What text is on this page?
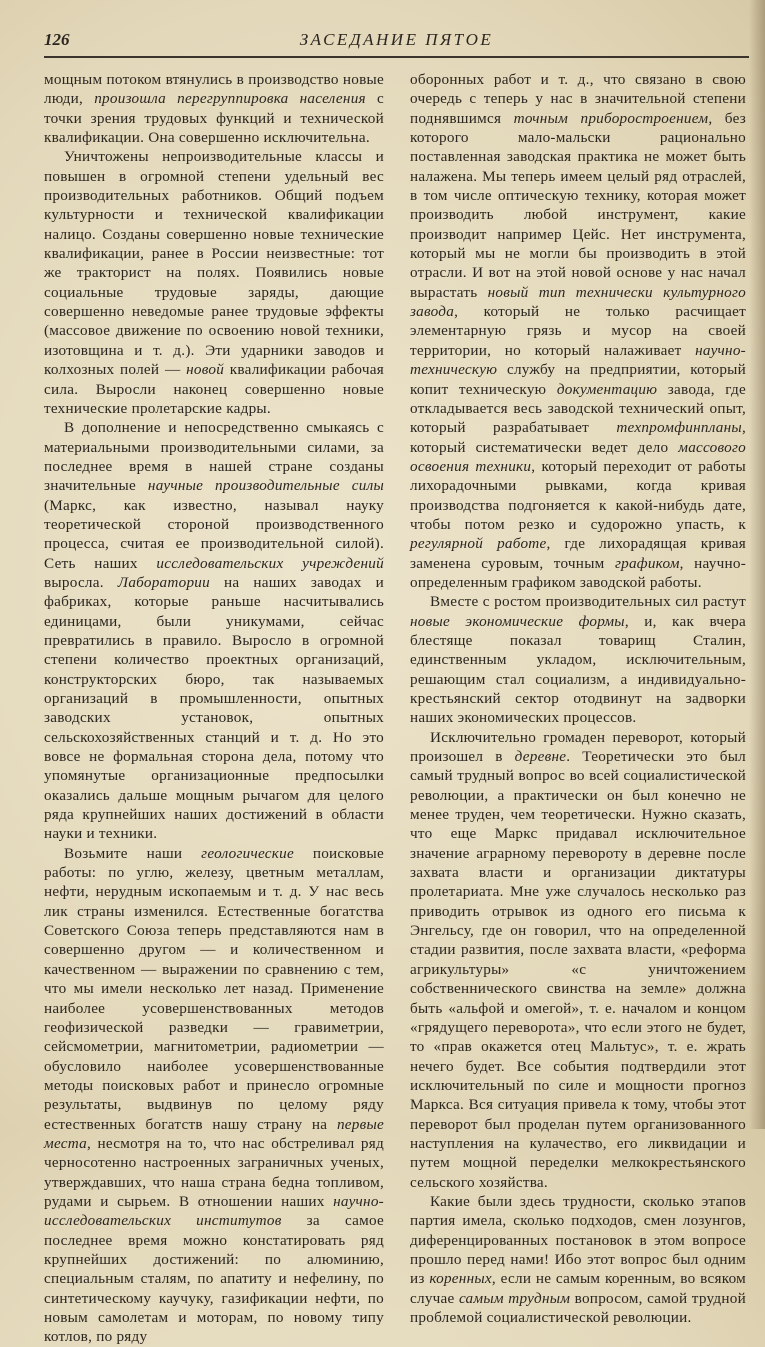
126	ЗАСЕДАНИЕ ПЯТОЕ

мощным потоком втянулись в производство новые люди, произошла перегруппировка населения с точки зрения трудовых функций и технической квалификации. Она совершенно исключительна.

Уничтожены непроизводительные классы и повышен в огромной степени удельный вес производительных работников. Общий подъем культурности и технической квалификации налицо. Созданы совершенно новые технические квалификации, ранее в России неизвестные: тот же тракторист на полях. Появились новые социальные трудовые заряды, дающие совершенно неведомые ранее трудовые эффекты (массовое движение по освоению новой техники, изотовщина и т. д.). Эти ударники заводов и колхозных полей — новой квалификации рабочая сила. Выросли наконец совершенно новые технические пролетарские кадры.

В дополнение и непосредственно смыкаясь с материальными производительными силами, за последнее время в нашей стране созданы значительные научные производительные силы (Маркс, как известно, называл науку теоретической стороной производственного процесса, считая ее производительной силой). Сеть наших исследовательских учреждений выросла. Лаборатории на наших заводах и фабриках, которые раньше насчитывались единицами, были уникумами, сейчас превратились в правило. Выросло в огромной степени количество проектных организаций, конструкторских бюро, так называемых организаций в промышленности, опытных заводских установок, опытных сельскохозяйственных станций и т. д. Но это вовсе не формальная сторона дела, потому что упомянутые организационные предпосылки оказались дальше мощным рычагом для целого ряда крупнейших наших достижений в области науки и техники.

Возьмите наши геологические поисковые работы: по углю, железу, цветным металлам, нефти, нерудным ископаемым и т. д. У нас весь лик страны изменился. Естественные богатства Советского Союза теперь представляются нам в совершенно другом — и количественном и качественном — выражении по сравнению с тем, что мы имели несколько лет назад. Применение наиболее усовершенствованных методов геофизической разведки — гравиметрии, сейсмометрии, магнитометрии, радиометрии — обусловило наиболее усовершенствованные методы поисковых работ и принесло огромные результаты, выдвинув по целому ряду естественных богатств нашу страну на первые места, несмотря на то, что нас обстреливал ряд черносотенно настроенных заграничных ученых, утверждавших, что наша страна бедна топливом, рудами и сырьем. В отношении наших научно-исследовательских институтов за самое последнее время можно констатировать ряд крупнейших достижений: по алюминию, специальным сталям, по апатиту и нефелину, по синтетическому каучуку, газификации нефти, по новым самолетам и моторам, по новому типу котлов, по ряду

оборонных работ и т. д., что связано в свою очередь с теперь у нас в значительной степени поднявшимся точным приборостроением, без которого мало-мальски рационально поставленная заводская практика не может быть налажена. Мы теперь имеем целый ряд отраслей, в том числе оптическую технику, которая может производить любой инструмент, какие производит например Цейс. Нет инструмента, который мы не могли бы производить в этой отрасли. И вот на этой новой основе у нас начал вырастать новый тип технически культурного завода, который не только расчищает элементарную грязь и мусор на своей территории, но который налаживает научно-техническую службу на предприятии, который копит техническую документацию завода, где откладывается весь заводской технический опыт, который разрабатывает техпромфинпланы, который систематически ведет дело массового освоения техники, который переходит от работы лихорадочными рывками, когда кривая производства подгоняется к какой-нибудь дате, чтобы потом резко и судорожно упасть, к регулярной работе, где лихорадящая кривая заменена суровым, точным графиком, научно-определенным графиком заводской работы.

Вместе с ростом производительных сил растут новые экономические формы, и, как вчера блестяще показал товарищ Сталин, единственным укладом, исключительным, решающим стал социализм, а индивидуально-крестьянский сектор отодвинут на задворки наших экономических процессов.

Исключительно громаден переворот, который произошел в деревне. Теоретически это был самый трудный вопрос во всей социалистической революции, а практически он был конечно не менее труден, чем теоретически. Нужно сказать, что еще Маркс придавал исключительное значение аграрному перевороту в деревне после захвата власти и организации диктатуры пролетариата. Мне уже случалось несколько раз приводить отрывок из одного его письма к Энгельсу, где он говорил, что на определенной стадии развития, после захвата власти, «реформа агрикультуры» «с уничтожением собственнического свинства на земле» должна быть «альфой и омегой», т. е. началом и концом «грядущего переворота», что если этого не будет, то «прав окажется отец Мальтус», т. е. жрать нечего будет. Все события подтвердили этот исключительный по силе и мощности прогноз Маркса. Вся ситуация привела к тому, чтобы этот переворот был проделан путем организованного наступления на кулачество, его ликвидации и путем мощной переделки мелкокрестьянского сельского хозяйства.

Какие были здесь трудности, сколько этапов партия имела, сколько подходов, смен лозунгов, диференцированных постановок в этом вопросе прошло перед нами! Ибо этот вопрос был одним из коренных, если не самым коренным, во всяком случае самым трудным вопросом, самой трудной проблемой социалистической революции.
